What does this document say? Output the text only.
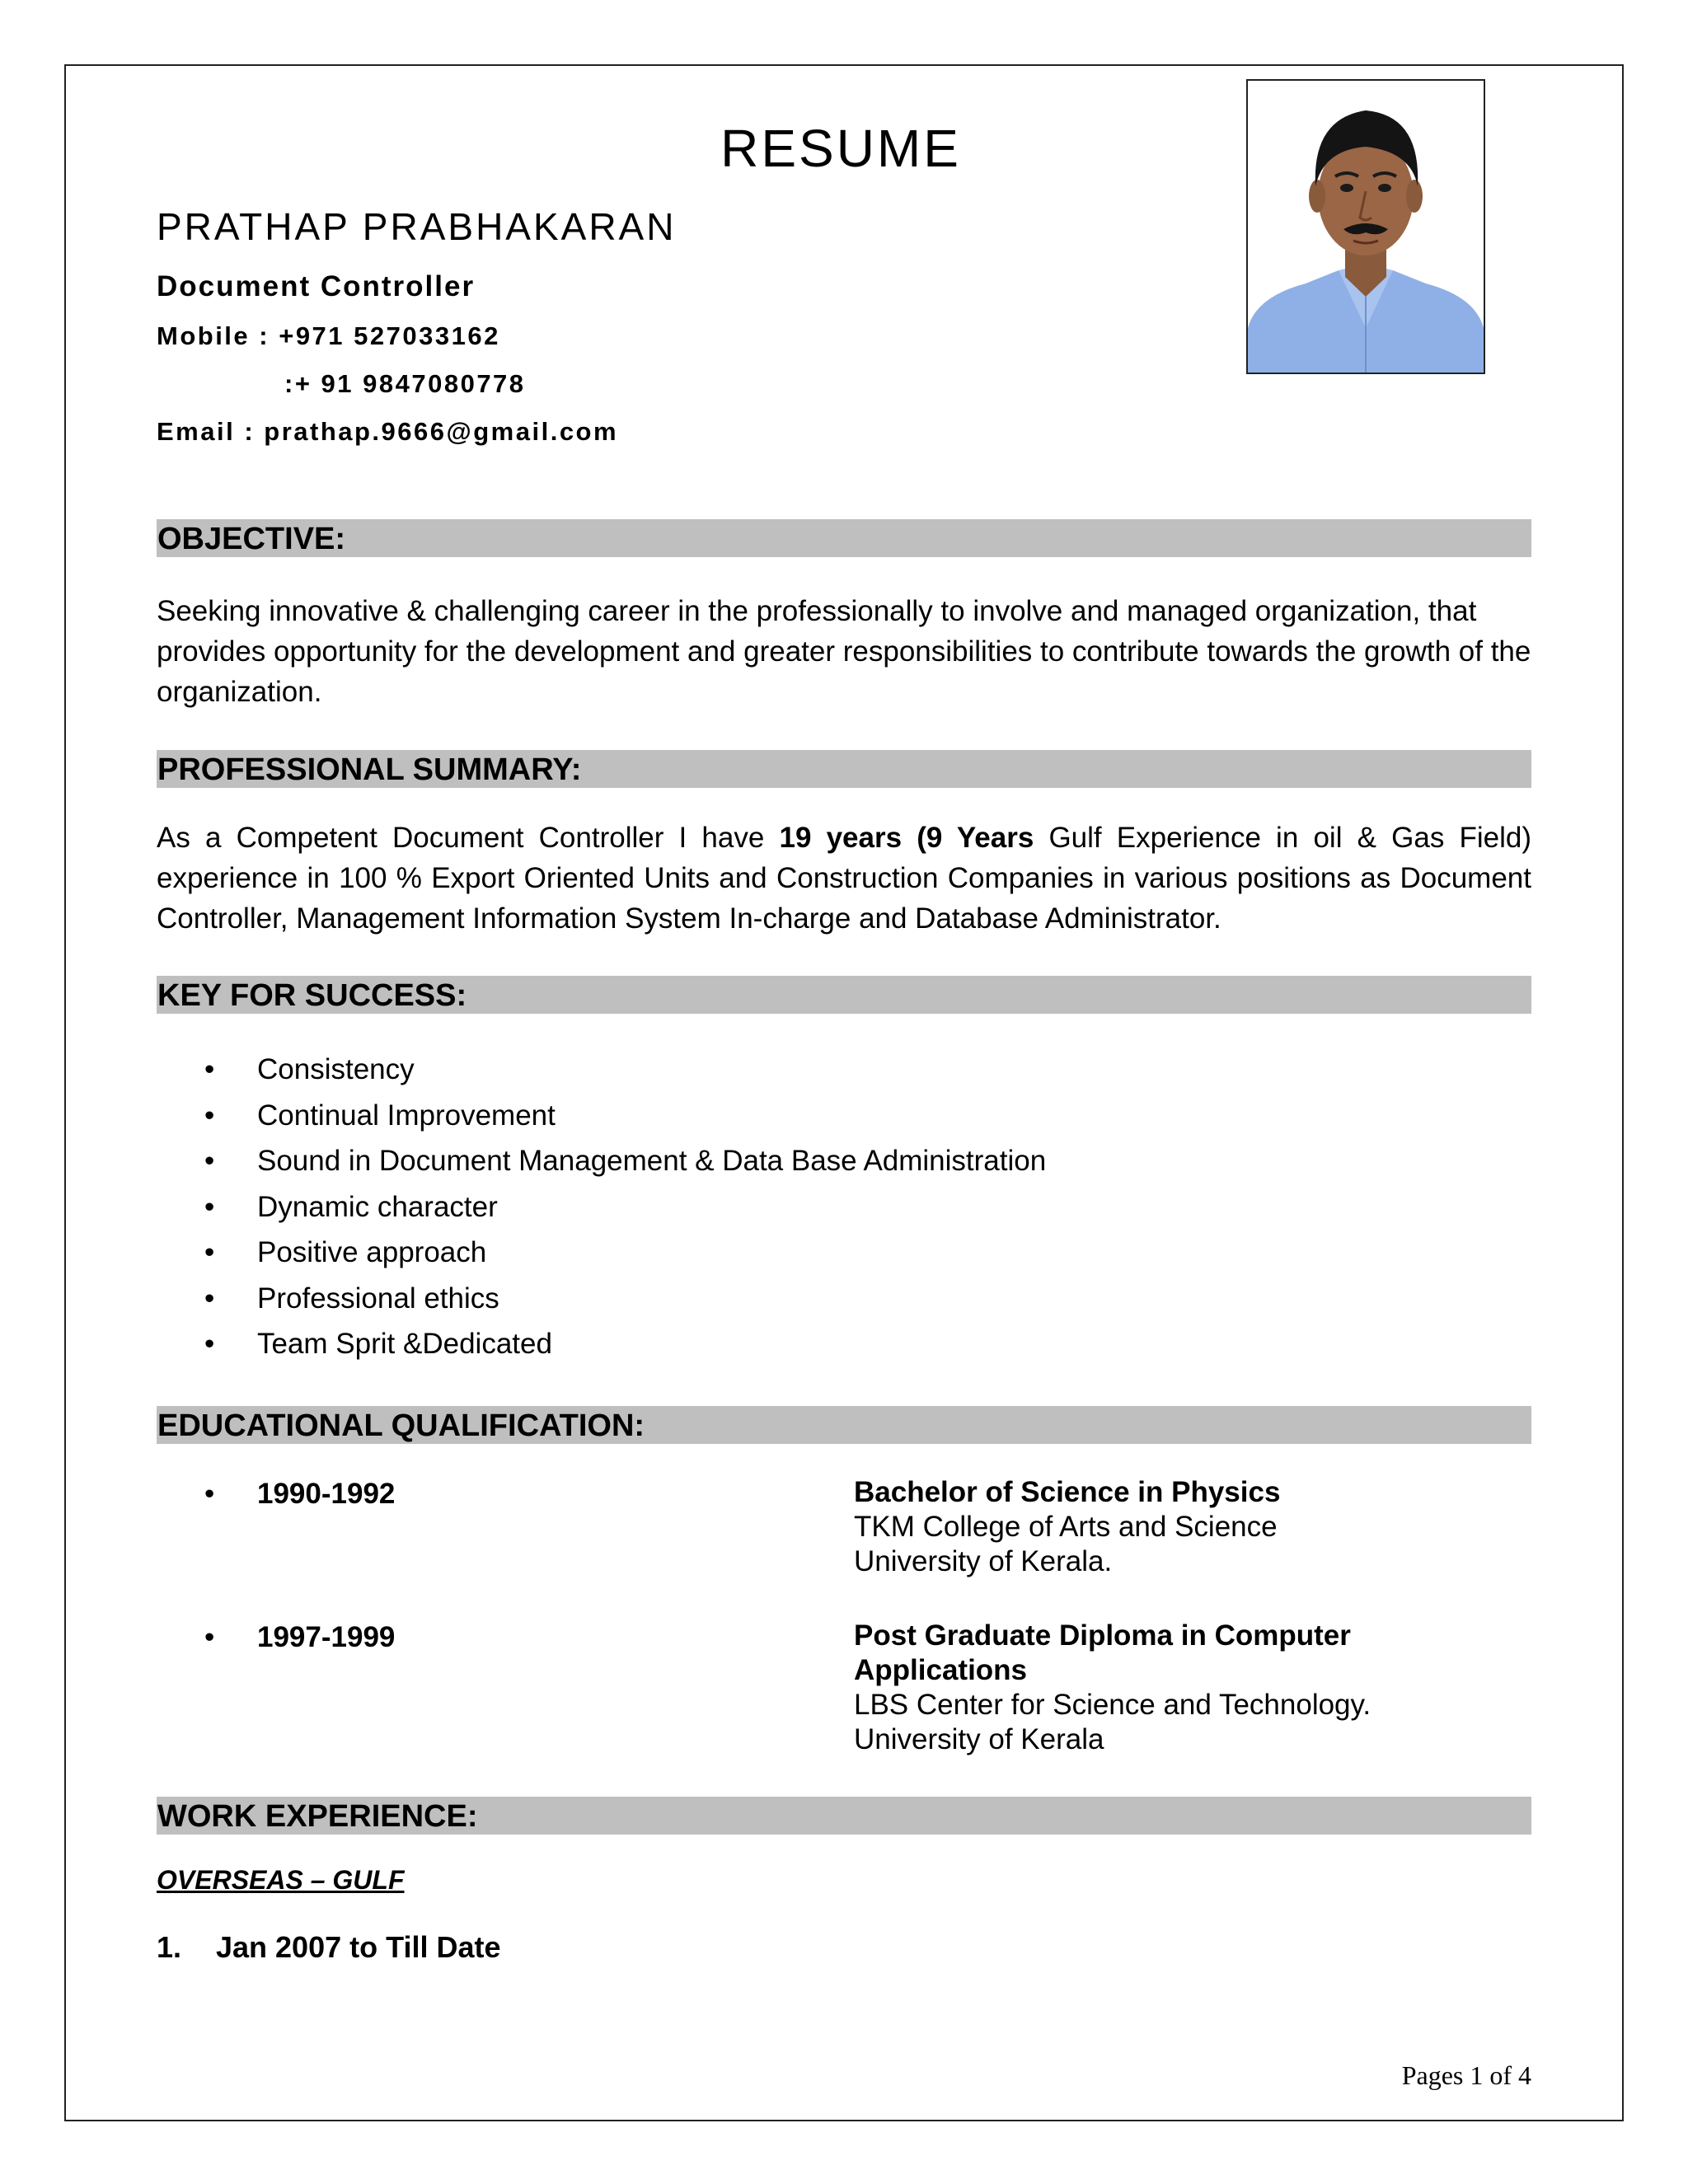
RESUME
PRATHAP PRABHAKARAN
Document Controller
Mobile : +971 527033162
:+ 91 9847080778
Email : prathap.9666@gmail.com
OBJECTIVE:
Seeking innovative & challenging career in the professionally to involve and managed organization, that provides opportunity for the development and greater responsibilities to contribute towards the growth of the organization.
PROFESSIONAL SUMMARY:
As a Competent Document Controller I have 19 years (9 Years Gulf Experience in oil & Gas Field) experience in 100 % Export Oriented Units and Construction Companies in various positions as Document Controller, Management Information System In-charge and Database Administrator.
KEY FOR SUCCESS:
• Consistency
• Continual Improvement
• Sound in Document Management & Data Base Administration
• Dynamic character
• Positive approach
• Professional ethics
• Team Sprit &Dedicated
EDUCATIONAL QUALIFICATION:
• 1990-1992	Bachelor of Science in Physics
TKM College of Arts and Science
University of Kerala.
• 1997-1999	Post Graduate Diploma in Computer Applications
LBS Center for Science and Technology.
University of Kerala
WORK EXPERIENCE:
OVERSEAS – GULF
1. Jan 2007 to Till Date
Pages 1 of 4
